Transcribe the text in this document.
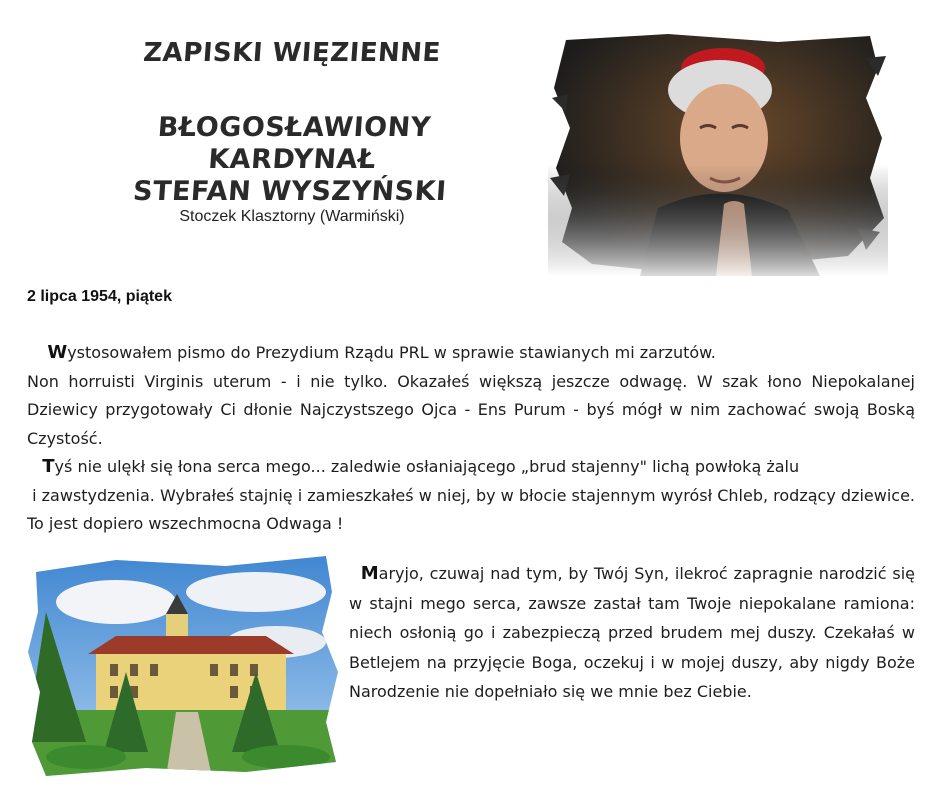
ZAPISKI WIĘZIENNE
BŁOGOSŁAWIONY KARDYNAŁ
STEFAN WYSZYŃSKI
Stoczek Klasztorny (Warmiński)
2 lipca 1954, piątek

Wystosowałem pismo do Prezydium Rządu PRL w sprawie stawianych mi zarzutów.

Non horruisti Virginis uterum - i nie tylko. Okazałeś większą jeszcze odwagę. W szak łono Niepokalanej Dziewicy przygotowały Ci dłonie Najczystszego Ojca - Ens Purum - byś mógł w nim zachować swoją Boską Czystość.

Tyś nie ulękł się łona serca mego... zaledwie osłaniającego „brud stajenny" lichą powłoką żalu

i zawstydzenia. Wybrałeś stajnię i zamieszkałeś w niej, by w błocie stajennym wyrósł Chleb, rodzący dziewice. To jest dopiero wszechmocna Odwaga !

Maryjo, czuwaj nad tym, by Twój Syn, ilekroć zapragnie narodzić się w stajni mego serca, zawsze zastał tam Twoje niepokalane ramiona: niech osłonią go i zabezpieczą przed brudem mej duszy. Czekałaś w Betlejem na przyjęcie Boga, oczekuj i w mojej duszy, aby nigdy Boże Narodzenie nie dopełniało się we mnie bez Ciebie.
